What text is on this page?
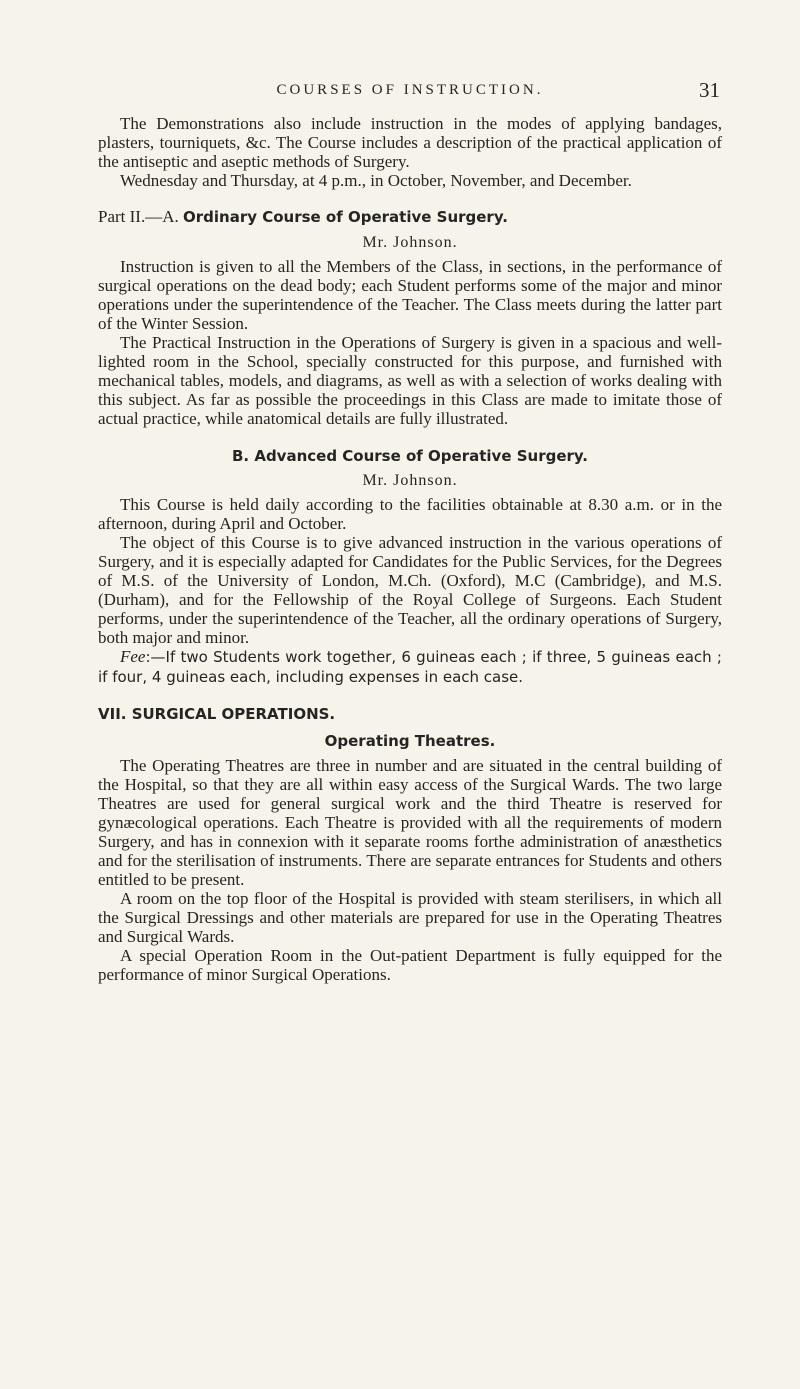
COURSES OF INSTRUCTION.	31

The Demonstrations also include instruction in the modes of applying bandages, plasters, tourniquets, &c. The Course includes a description of the practical application of the antiseptic and aseptic methods of Surgery.

Wednesday and Thursday, at 4 p.m., in October, November, and December.

Part II.—A. Ordinary Course of Operative Surgery.
Mr. Johnson.

Instruction is given to all the Members of the Class, in sections, in the performance of surgical operations on the dead body; each Student performs some of the major and minor operations under the superintendence of the Teacher. The Class meets during the latter part of the Winter Session.

The Practical Instruction in the Operations of Surgery is given in a spacious and well-lighted room in the School, specially constructed for this purpose, and furnished with mechanical tables, models, and diagrams, as well as with a selection of works dealing with this subject. As far as possible the proceedings in this Class are made to imitate those of actual practice, while anatomical details are fully illustrated.

B. Advanced Course of Operative Surgery.
Mr. Johnson.

This Course is held daily according to the facilities obtainable at 8.30 a.m. or in the afternoon, during April and October.

The object of this Course is to give advanced instruction in the various operations of Surgery, and it is especially adapted for Candidates for the Public Services, for the Degrees of M.S. of the University of London, M.Ch. (Oxford), M.C (Cambridge), and M.S. (Durham), and for the Fellowship of the Royal College of Surgeons. Each Student performs, under the superintendence of the Teacher, all the ordinary operations of Surgery, both major and minor.

Fee:—If two Students work together, 6 guineas each ; if three, 5 guineas each ; if four, 4 guineas each, including expenses in each case.

VII. SURGICAL OPERATIONS.
Operating Theatres.

The Operating Theatres are three in number and are situated in the central building of the Hospital, so that they are all within easy access of the Surgical Wards. The two large Theatres are used for general surgical work and the third Theatre is reserved for gynæcological operations. Each Theatre is provided with all the requirements of modern Surgery, and has in connexion with it separate rooms forthe administration of anæsthetics and for the sterilisation of instruments. There are separate entrances for Students and others entitled to be present.

A room on the top floor of the Hospital is provided with steam sterilisers, in which all the Surgical Dressings and other materials are prepared for use in the Operating Theatres and Surgical Wards.

A special Operation Room in the Out-patient Department is fully equipped for the performance of minor Surgical Operations.
